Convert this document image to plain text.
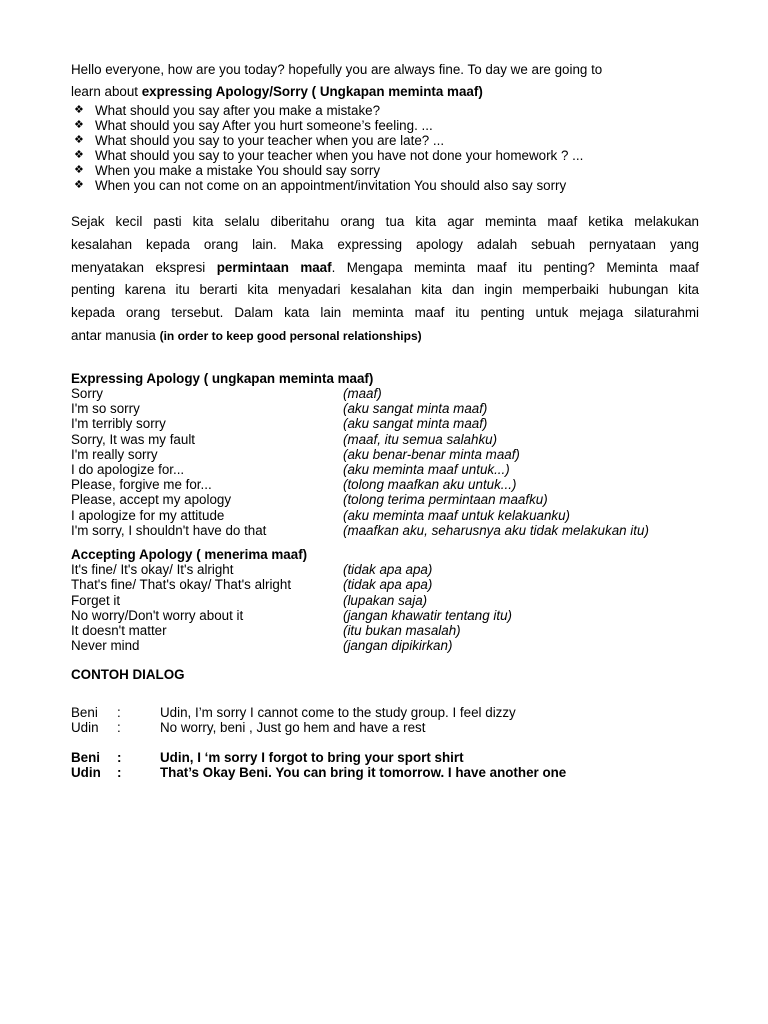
Hello everyone, how are you today? hopefully you are always fine. To day we are going to
learn about expressing Apology/Sorry ( Ungkapan meminta maaf)
❖ What should you say after you make a mistake?
❖ What should you say After you hurt someone’s feeling. ...
❖ What should you say to your teacher when you are late? ...
❖ What should you say to your teacher when you have not done your homework ? ...
❖ When you make a mistake You should say sorry
❖ When you can not come on an appointment/invitation You should also say sorry
Sejak kecil pasti kita selalu diberitahu orang tua kita agar meminta maaf ketika melakukan
kesalahan kepada orang lain. Maka expressing apology adalah sebuah pernyataan yang
menyatakan ekspresi permintaan maaf. Mengapa meminta maaf itu penting? Meminta maaf
penting karena itu berarti kita menyadari kesalahan kita dan ingin memperbaiki hubungan kita
kepada orang tersebut. Dalam kata lain meminta maaf itu penting untuk mejaga silaturahmi
antar manusia (in order to keep good personal relationships)
Expressing Apology ( ungkapan meminta maaf)
Sorry	(maaf)
I'm so sorry	(aku sangat minta maaf)
I'm terribly sorry	(aku sangat minta maaf)
Sorry, It was my fault	(maaf, itu semua salahku)
I'm really sorry	(aku benar-benar minta maaf)
I do apologize for...	(aku meminta maaf untuk...)
Please, forgive me for...	(tolong maafkan aku untuk...)
Please, accept my apology	(tolong terima permintaan maafku)
I apologize for my attitude	(aku meminta maaf untuk kelakuanku)
I'm sorry, I shouldn't have do that	(maafkan aku, seharusnya aku tidak melakukan itu)
Accepting Apology ( menerima maaf)
It's fine/ It's okay/ It's alright	(tidak apa apa)
That's fine/ That's okay/ That's alright	(tidak apa apa)
Forget it	(lupakan saja)
No worry/Don't worry about it	(jangan khawatir tentang itu)
It doesn't matter	(itu bukan masalah)
Never mind	(jangan dipikirkan)
CONTOH DIALOG
Beni	:	Udin, I’m sorry I cannot come to the study group. I feel dizzy
Udin	:	No worry, beni , Just go hem and have a rest
Beni	:	Udin, I ‘m sorry I forgot to bring your sport shirt
Udin	:	That’s Okay Beni. You can bring it tomorrow. I have another one
